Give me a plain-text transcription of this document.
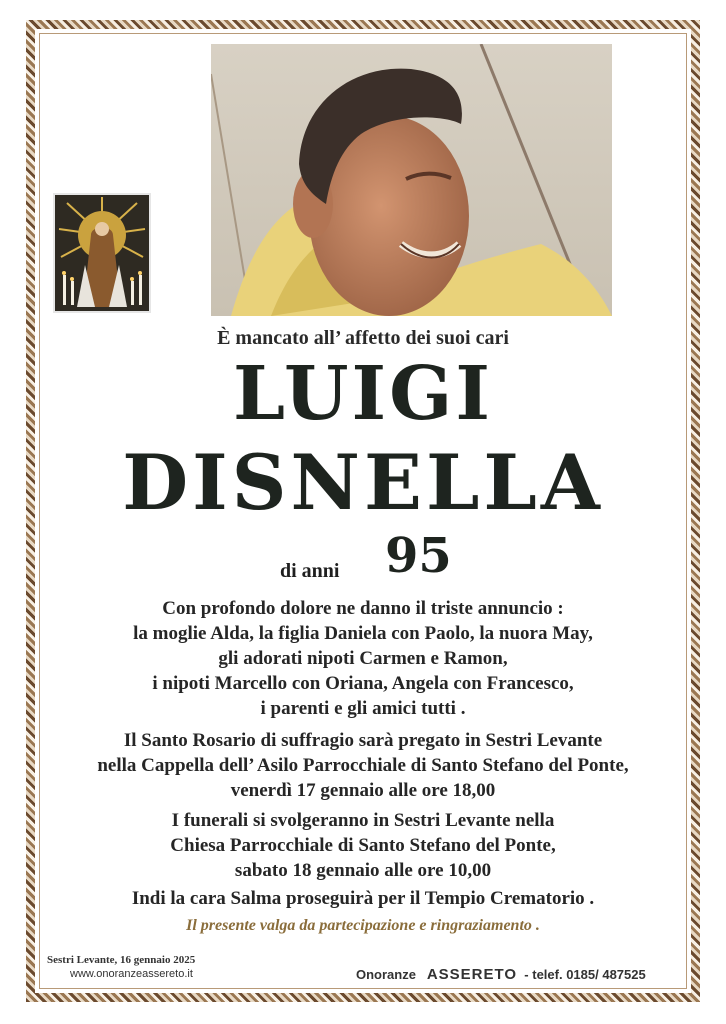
È mancato all’ affetto dei suoi cari
LUIGI
DISNELLA
di anni 95
Con profondo dolore ne danno il triste annuncio :
la moglie Alda, la figlia Daniela con Paolo, la nuora May,
gli adorati nipoti Carmen e Ramon,
i nipoti Marcello con Oriana, Angela con Francesco,
i parenti e gli amici tutti .
Il Santo Rosario di suffragio sarà pregato in Sestri Levante
nella Cappella dell’ Asilo Parrocchiale di Santo Stefano del Ponte,
venerdì 17 gennaio alle ore 18,00
I funerali si svolgeranno in Sestri Levante nella
Chiesa Parrocchiale di Santo Stefano del Ponte,
sabato 18 gennaio alle ore 10,00
Indi la cara Salma proseguirà per il Tempio Crematorio .
Il presente valga da partecipazione e ringraziamento .
Sestri Levante, 16 gennaio 2025
www.onoranzeassereto.it	Onoranze ASSERETO - telef. 0185/ 487525
